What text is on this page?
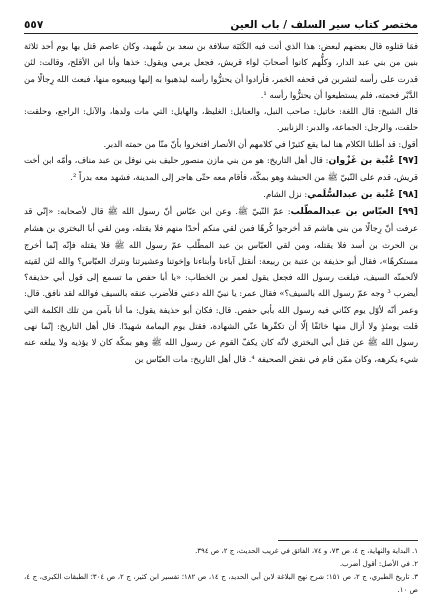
مختصر كتاب سير السلف / باب العين
٥٥٧

فمَا قتلوه قال بعضهم لبعض: هذا الذي أتت فيه الكَتَبَة سلافة بن سعد بن شُهيد، وكان عاصم قتل بها يوم أحد ثلاثة بنين من بني عبد الدار، وكلُّهم كانوا أصحابَ لواء قريش، فجعل يرمي ويقول: خذها وأنا ابن الأقلح، وقالت: لئن قدرت على رأسه لتشربن في قحفه الخمر، فأرادوا أن يحتزُّوا رأسه ليذهبوا به إليها ويبيعوه منها، فبعث الله رِجالًا من الدَّبْر فحمته، فلم يستطيعوا أن يحتزُّوا رأسه ¹.

قال الشيخ: قال اللغة: خاتيل: صاحب النبل، والعنابل: الغليظ، والهابل: التي مات ولدها، والآنل: الراجع، وحلقت: حلقت، والرجل: الجماعة، والدبر: الزنابير.

أقول: قد أطلنا الكلام هنا لما يقع كثيرًا في كلامهم أن الأنصار افتخروا بأنّ منّا من حمته الدبر.

[٩٧] عُتْبة بن غَزْوان: قال أهل التاريخ: هو من بني مازن منصور حليف بني نوفل بن عبد مناف، وأمّه ابن أخت قريش، قدم على النّبيّ ﷺ من الحبشة وهو بمكّة، فأقام معه حتّى هاجر إلى المدينة، فشهد معه بدراً ².

[٩٨] عُتْبة بن عبدالسُّلَمي: نزل الشام.

[٩٩] العبّاس بن عبدالمطّلب: عمّ النّبيّ ﷺ. وعن ابن عبّاس أنّ رسول الله ﷺ قال لأصحابه: «إنّي قد عرفت أنّ رِجالًا من بني هاشم قد أخرجوا كُرهًا فمن لقي منكم أحدًا منهم فلا يقتله، ومن لقي أبا البختري بن هشام بن الحرث بن أسد فلا يقتله، ومن لقي العبّاس بن عبد المطّلب عمّ رسول الله ﷺ فلا يقتله فإنّه إنّما أخرج مستكرهًا»، فقال أبو حذيفة بن عتبة بن ربيعة: أنقتل آباءنا وأبناءنا وإخوتنا وعشيرتنا ونترك العبّاس؟ والله لئن لقيته لألحمنّه السيف، فبلغت رسول الله فجعل يقول لعمر بن الخطاب: «يا أبا حفص ما تسمع إلى قول أبي حذيفة؟ أيضرب ³ وجه عمّ رسول الله بالسيف؟» فقال عمر: يا نبيّ الله دعني فلأضرب عنقه بالسيف فوالله لقد نافق. قال: وعمر أنّه لأوّل يوم كنّاني فيه رسول الله بأبي حفص. قال: فكان أبو حذيفة يقول: ما أنا بآمن من تلك الكلمة التي قلت يومئذٍ ولا أزال منها خائفًا إلّا أن تكفّرها عنّي الشهادة، فقتل يوم اليمامة شهيدًا. قال أهل التاريخ: إنّما نهى رسول الله ﷺ عن قتل أبي البختري لأنّه كان يكفّ القوم عن رسول الله ﷺ وهو بمكّة كان لا يؤذيه ولا يبلغه عنه شيء يكرهه، وكان ممّن قام في نقض الصحيفة ⁴. قال أهل التاريخ: مات العبّاس بن

١. البداية والنهاية، ج ٤، ص ٧٣، و ٧٤، الفائق في غريب الحديث، ج ٢، ص ٣٩٤.

٢. في الأصل: أقول أضرب.

٣. تاريخ الطبري، ج ٢، ص ١٥١؛ شرح نهج البلاغة لابن أبي الحديد، ج ١٤، ص ١٨٢؛ تفسير ابن كثير، ج ٢، ص ٣٠٤؛ الطبقات الكبرى، ج ٤، ص ١٠.
